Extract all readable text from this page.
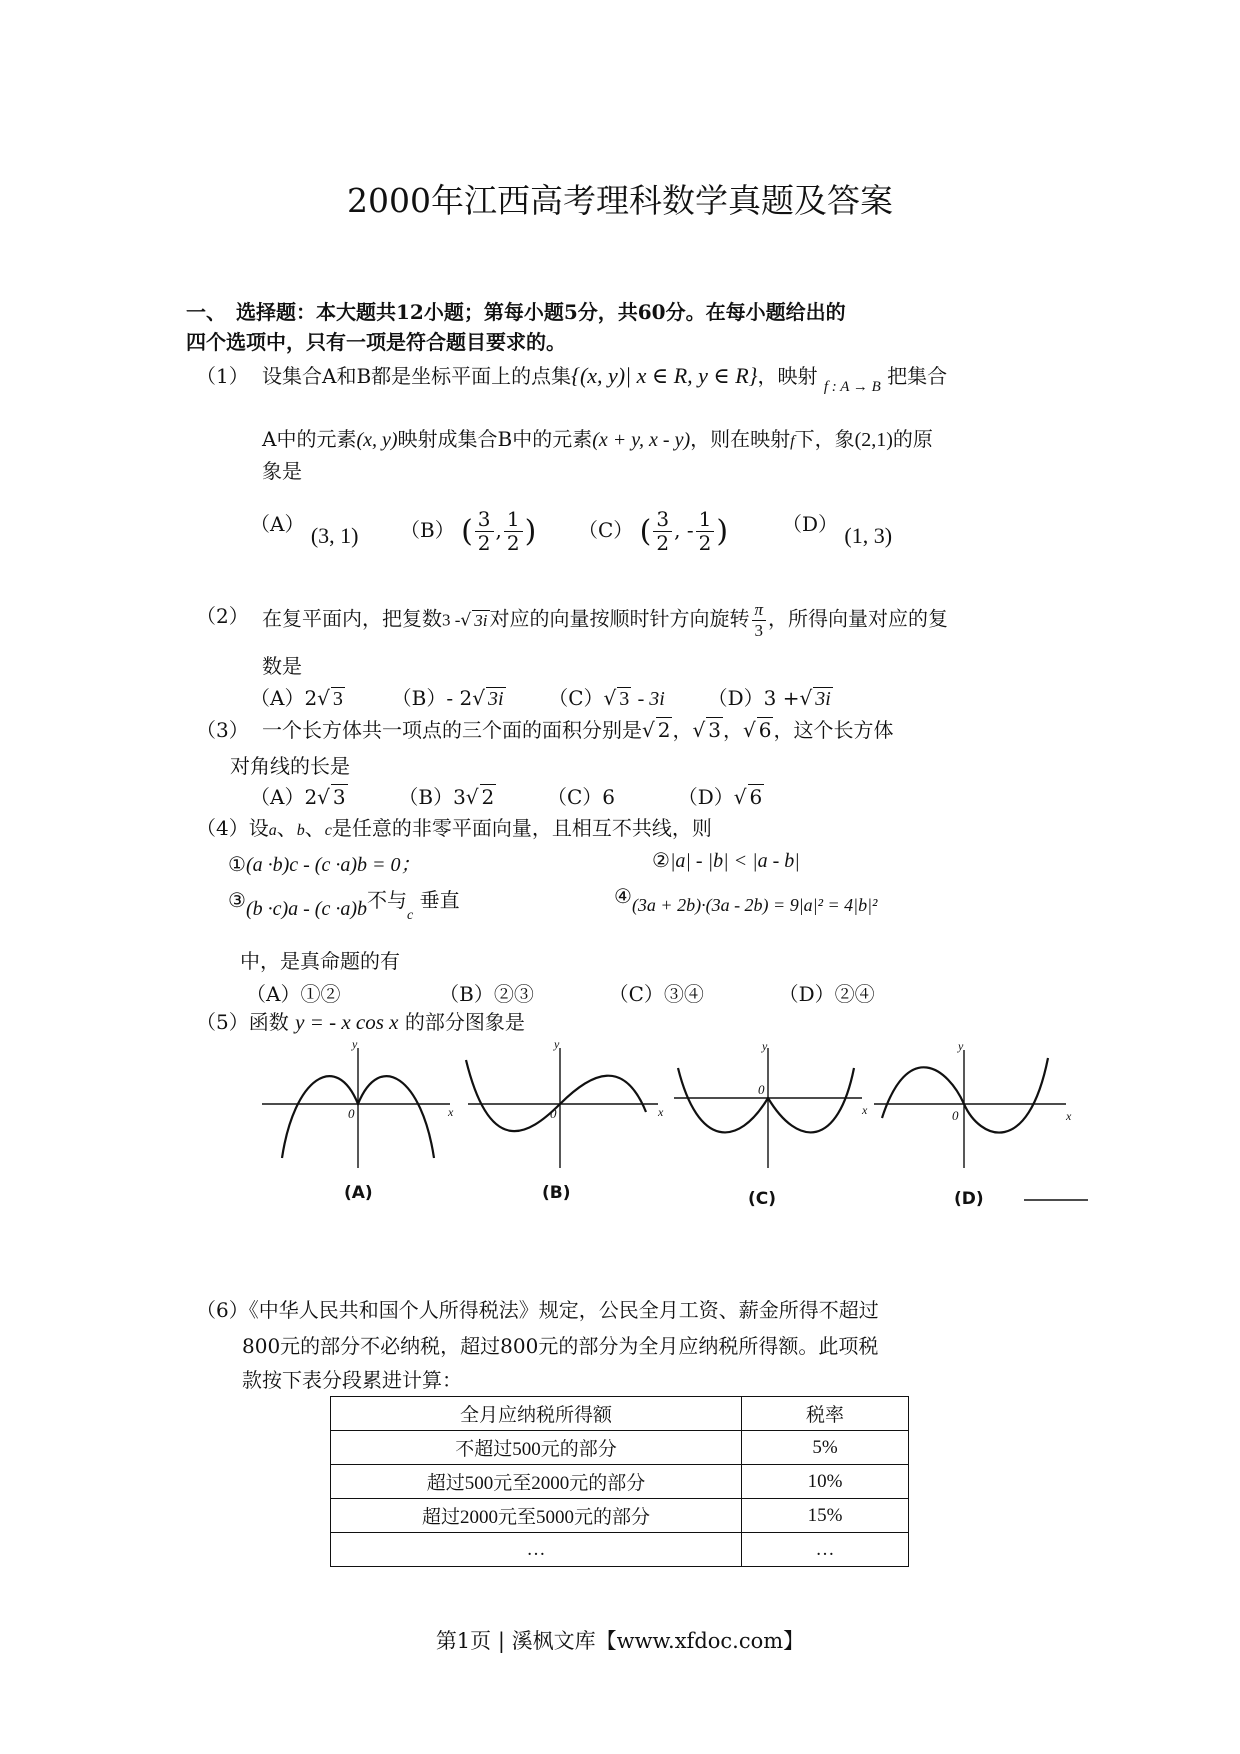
2000年江西高考理科数学真题及答案
一、　选择题：本大题共12小题；第每小题5分，共60分。在每小题给出的
四个选项中，只有一项是符合题目要求的。
（1） 设集合A和B都是坐标平面上的点集{(x, y)| x ∈ R, y ∈ R}，映射 $_{f : A \to B}$ 把集合
A中的元素(x, y)映射成集合B中的元素(x + y, x - y)，则在映射f下，象(2,1)的原
象是
（A） (3, 1) （B） ( $\frac{3}{2}$ , $\frac{1}{2}$ ) （C） ( $\frac{3}{2}$ , - $\frac{1}{2}$ )	（D） (1, 3)
（2） 在复平面内，把复数3 -√ 3i 对应的向量按顺时针方向旋转 $\frac{\pi}{3}$ ，所得向量对应的复
数是
（A）2√ 3 （B）- 2√ 3i （C）√ 3 - 3i （D）3 +√ 3i
（3） 一个长方体共一项点的三个面的面积分别是√ 2 ，√ 3 ，√ 6 ，这个长方体
对角线的长是
（A）2√ 3	（B）3√ 2	（C）6	（D）√ 6
（4）设a、b、c是任意的非零平面向量，且相互不共线，则
①(a ·b)c - (c ·a)b = 0；	②|a| - |b| < |a - b|
③(b ·c)a - (c ·a)b不与$_c$ 垂直	④(3a + 2b)·(3a - 2b) = 9|a|² = 4|b|²
中，是真命题的有
（A）①②	（B）②③	（C）③④	（D）②④
（5）函数 y = - x cos x 的部分图象是
y
x
0
y
x
0
y
x
0
y
x
0
(A)	(B)	(C)	(D)
（6）《中华人民共和国个人所得税法》规定，公民全月工资、薪金所得不超过
800元的部分不必纳税，超过800元的部分为全月应纳税所得额。此项税
款按下表分段累进计算：
全月应纳税所得额	税率
不超过500元的部分	5%
超过500元至2000元的部分	10%
超过2000元至5000元的部分	15%
…	…
第1页 | 溪枫文库【www.xfdoc.com】
